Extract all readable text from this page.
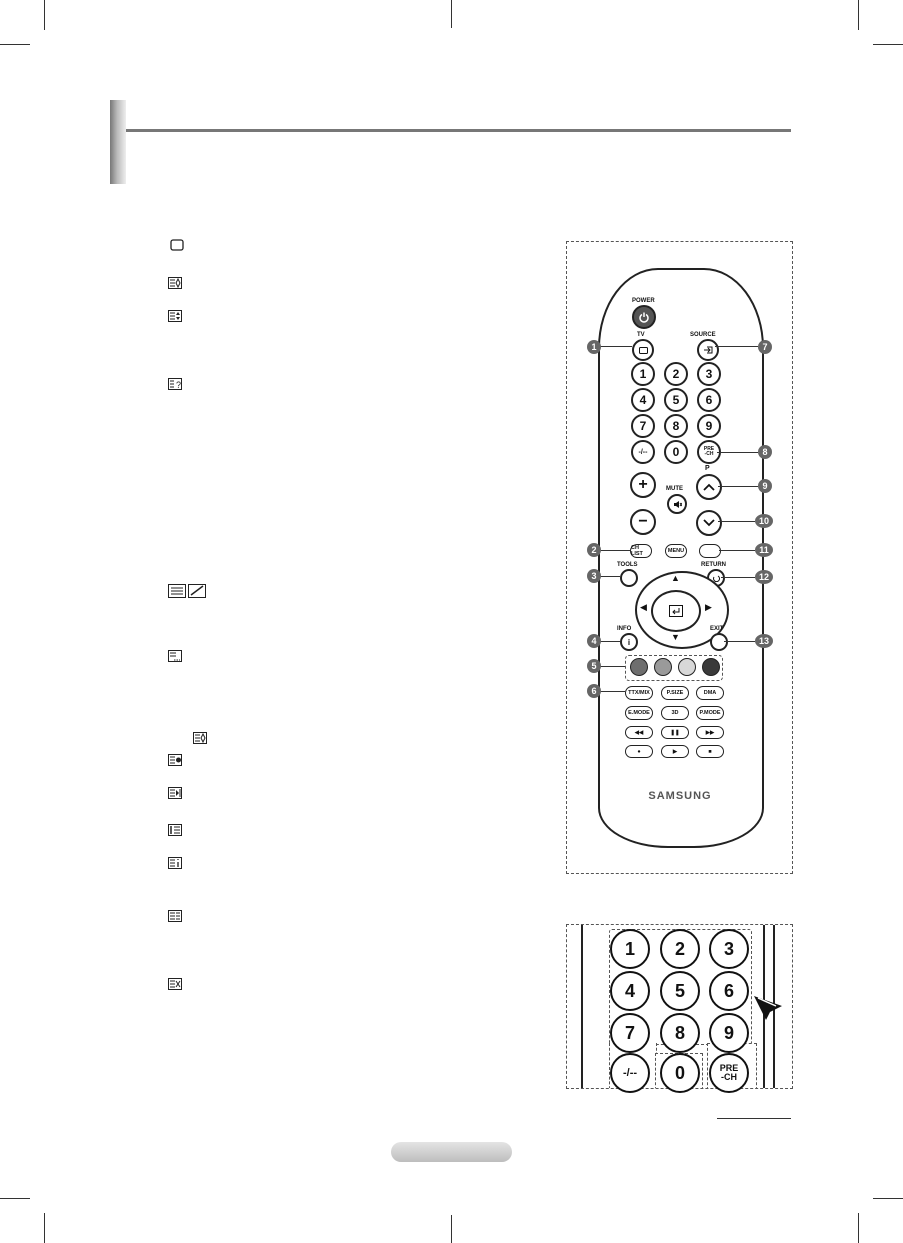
?
POWER
TV	SOURCE
1	2	3
4	5	6
7	8	9
-/--	0	PRE
-CH
+
−
MUTE
P
CH LIST	MENU
TOOLS	RETURN
▲
▼
◀	▶
INFO
i
EXIT
TTX/MIX	P.SIZE	DMA
E.MODE	3D	P.MODE
◀◀	❚❚	▶▶
●	▶	■
SAMSUNG
1
2
3
4
5
6
7
8
9
10
11
12
13
1	2	3
4	5	6
7	8	9
-/--	0	PRE
-CH
